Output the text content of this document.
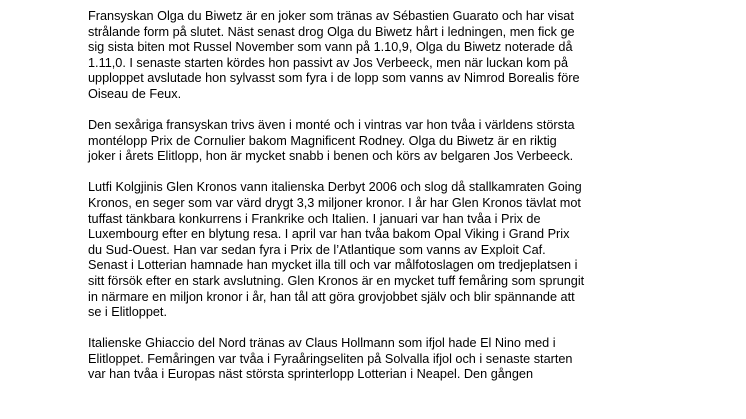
Fransyskan Olga du Biwetz är en joker som tränas av Sébastien Guarato och har visat
strålande form på slutet. Näst senast drog Olga du Biwetz hårt i ledningen, men fick ge
sig sista biten mot Russel November som vann på 1.10,9, Olga du Biwetz noterade då
1.11,0. I senaste starten kördes hon passivt av Jos Verbeeck, men när luckan kom på
upploppet avslutade hon sylvasst som fyra i de lopp som vanns av Nimrod Borealis före
Oiseau de Feux.

Den sexåriga fransyskan trivs även i monté och i vintras var hon tvåa i världens största
montélopp Prix de Cornulier bakom Magnificent Rodney. Olga du Biwetz är en riktig
joker i årets Elitlopp, hon är mycket snabb i benen och körs av belgaren Jos Verbeeck.

Lutfi Kolgjinis Glen Kronos vann italienska Derbyt 2006 och slog då stallkamraten Going
Kronos, en seger som var värd drygt 3,3 miljoner kronor. I år har Glen Kronos tävlat mot
tuffast tänkbara konkurrens i Frankrike och Italien. I januari var han tvåa i Prix de
Luxembourg efter en blytung resa. I april var han tvåa bakom Opal Viking i Grand Prix
du Sud-Ouest. Han var sedan fyra i Prix de l’Atlantique som vanns av Exploit Caf.
Senast i Lotterian hamnade han mycket illa till och var målfotoslagen om tredjeplatsen i
sitt försök efter en stark avslutning. Glen Kronos är en mycket tuff femåring som sprungit
in närmare en miljon kronor i år, han tål att göra grovjobbet själv och blir spännande att
se i Elitloppet.

Italienske Ghiaccio del Nord tränas av Claus Hollmann som ifjol hade El Nino med i
Elitloppet. Femåringen var tvåa i Fyraåringseliten på Solvalla ifjol och i senaste starten
var han tvåa i Europas näst största sprinterlopp Lotterian i Neapel. Den gången
